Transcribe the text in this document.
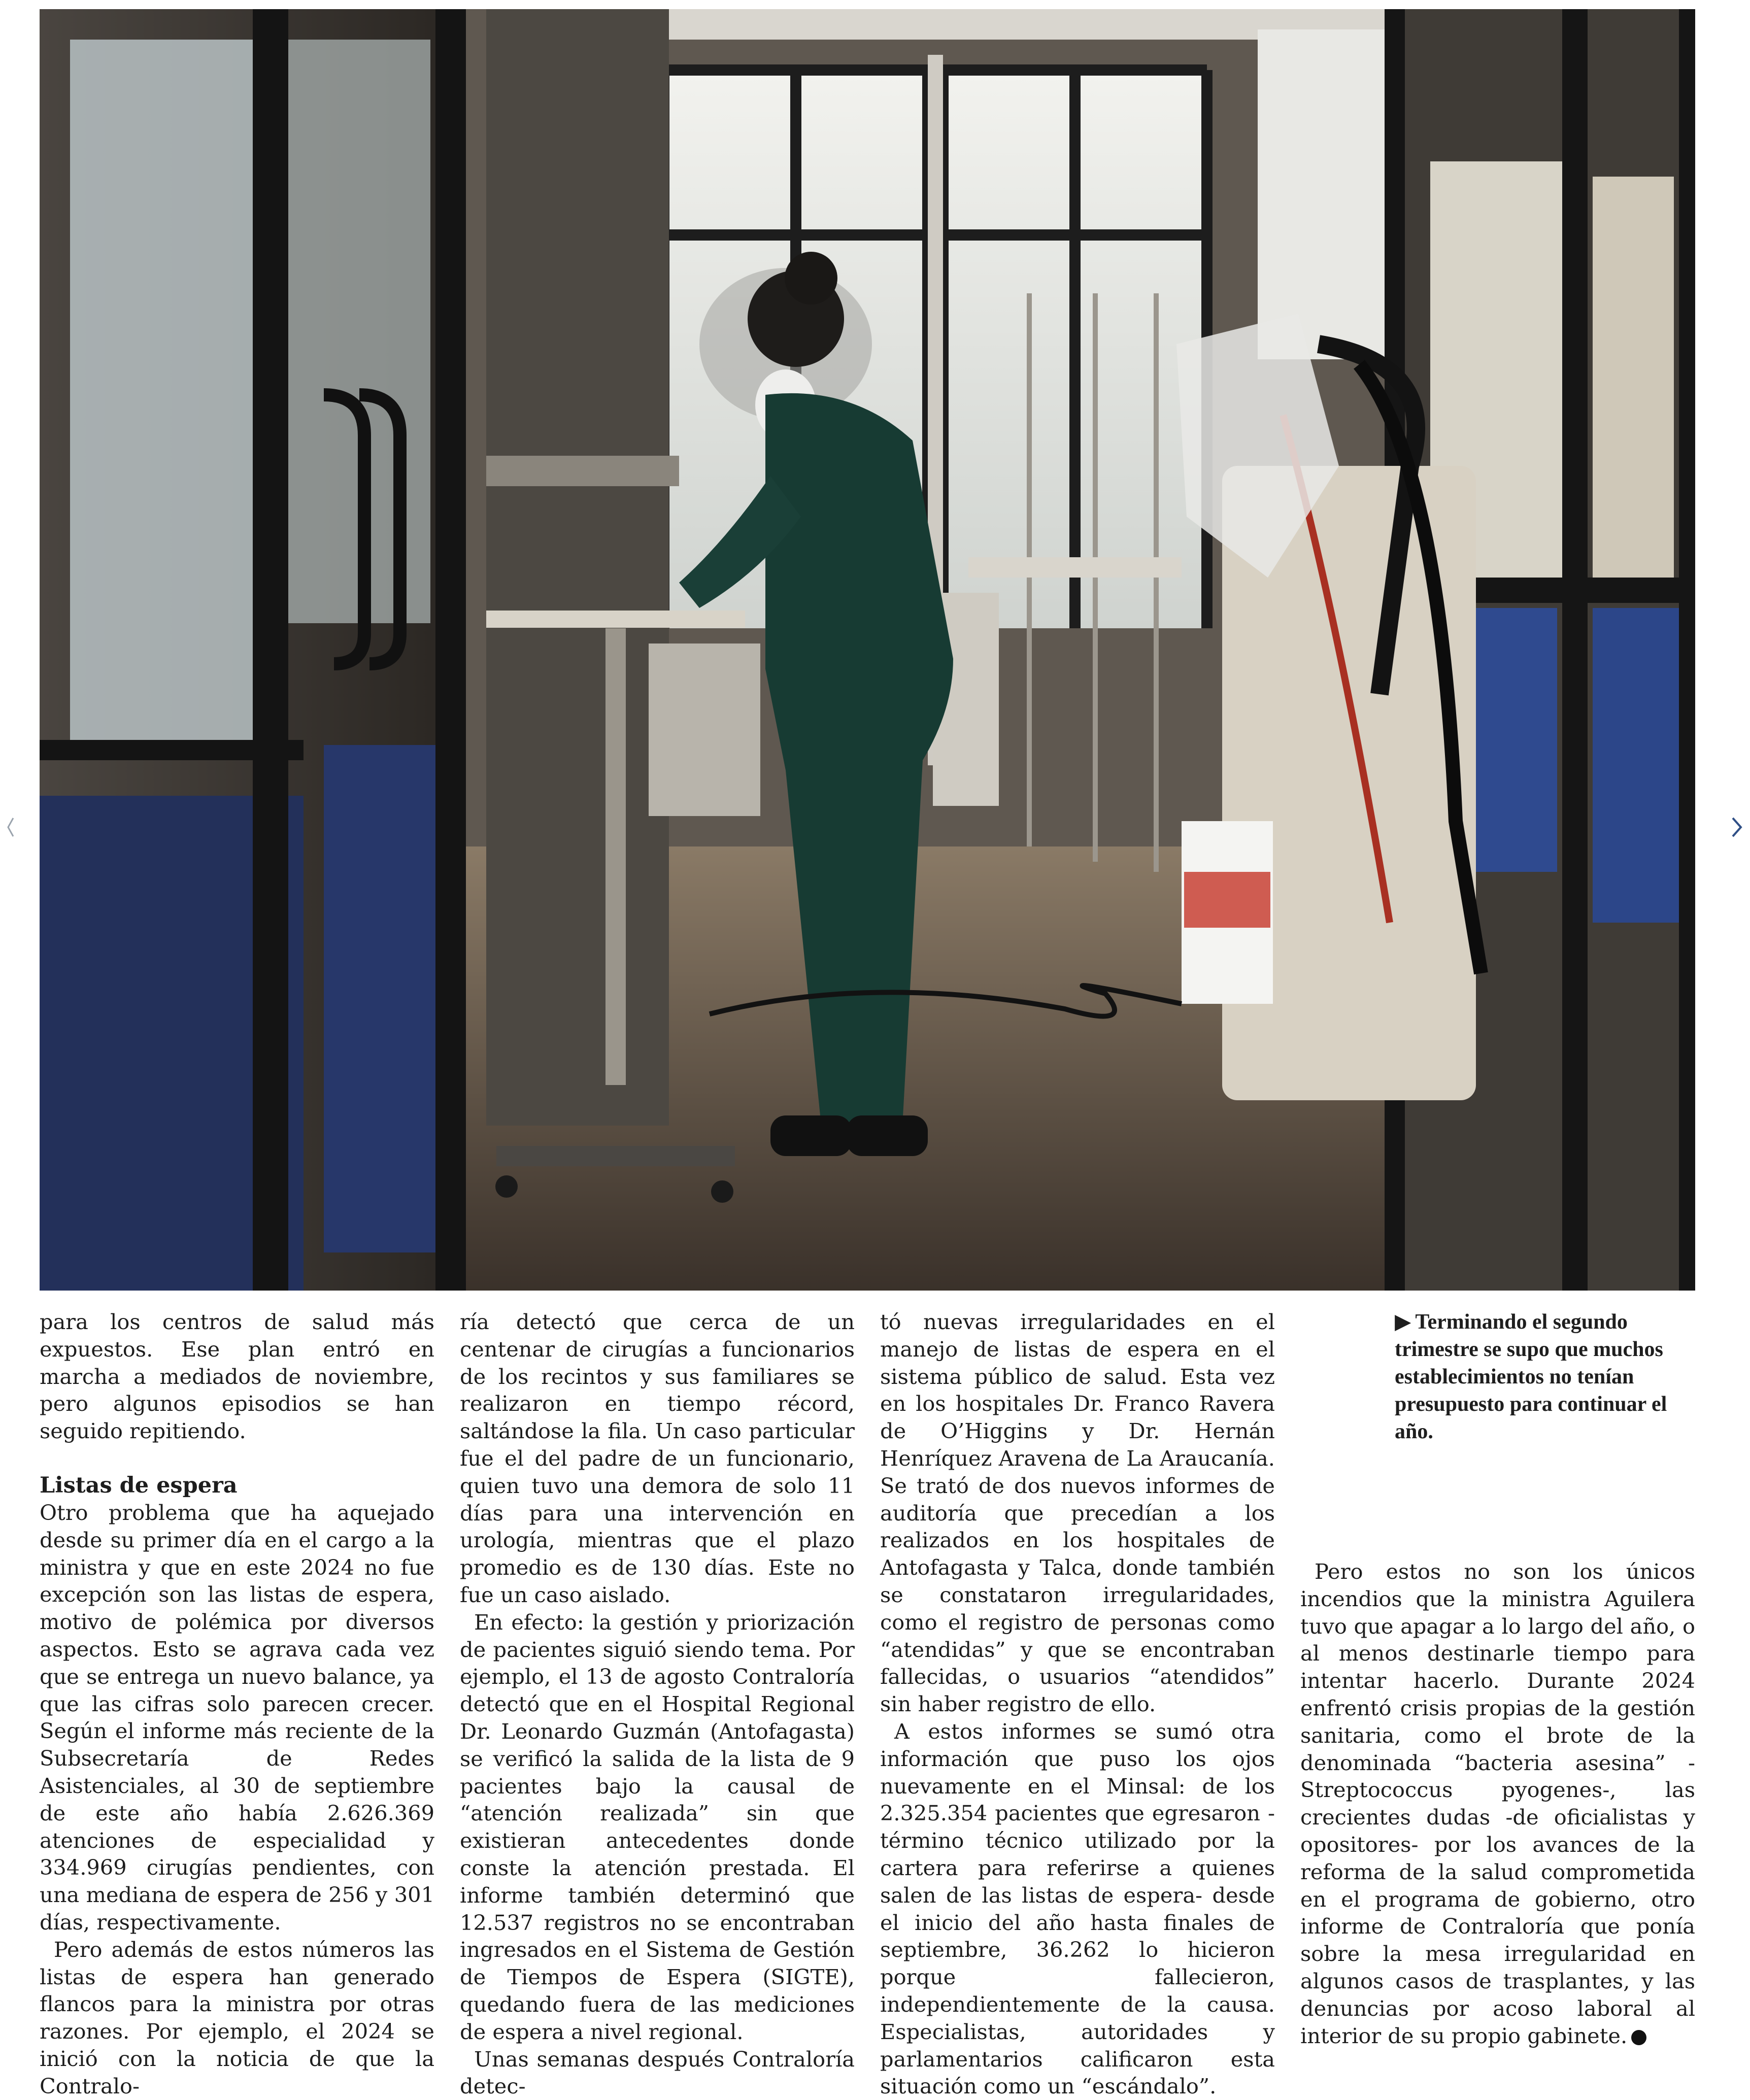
para los centros de salud más expuestos. Ese plan entró en marcha a mediados de noviembre, pero algunos episodios se han seguido repitiendo.

Listas de espera

Otro problema que ha aquejado desde su primer día en el cargo a la ministra y que en este 2024 no fue excepción son las listas de espera, motivo de polémica por diversos aspectos. Esto se agrava cada vez que se entrega un nuevo balance, ya que las cifras solo parecen crecer. Según el informe más reciente de la Subsecretaría de Redes Asistenciales, al 30 de septiembre de este año había 2.626.369 atenciones de especialidad y 334.969 cirugías pendientes, con una mediana de espera de 256 y 301 días, respectivamente.

Pero además de estos números las listas de espera han generado flancos para la ministra por otras razones. Por ejemplo, el 2024 se inició con la noticia de que la Contralo-

ría detectó que cerca de un centenar de cirugías a funcionarios de los recintos y sus familiares se realizaron en tiempo récord, saltándose la fila. Un caso particular fue el del padre de un funcionario, quien tuvo una demora de solo 11 días para una intervención en urología, mientras que el plazo promedio es de 130 días. Este no fue un caso aislado.

En efecto: la gestión y priorización de pacientes siguió siendo tema. Por ejemplo, el 13 de agosto Contraloría detectó que en el Hospital Regional Dr. Leonardo Guzmán (Antofagasta) se verificó la salida de la lista de 9 pacientes bajo la causal de “atención realizada” sin que existieran antecedentes donde conste la atención prestada. El informe también determinó que 12.537 registros no se encontraban ingresados en el Sistema de Gestión de Tiempos de Espera (SIGTE), quedando fuera de las mediciones de espera a nivel regional.

Unas semanas después Contraloría detec-

tó nuevas irregularidades en el manejo de listas de espera en el sistema público de salud. Esta vez en los hospitales Dr. Franco Ravera de O’Higgins y Dr. Hernán Henríquez Aravena de La Araucanía. Se trató de dos nuevos informes de auditoría que precedían a los realizados en los hospitales de Antofagasta y Talca, donde también se constataron irregularidades, como el registro de personas como “atendidas” y que se encontraban fallecidas, o usuarios “atendidos” sin haber registro de ello.

A estos informes se sumó otra información que puso los ojos nuevamente en el Minsal: de los 2.325.354 pacientes que egresaron -término técnico utilizado por la cartera para referirse a quienes salen de las listas de espera- desde el inicio del año hasta finales de septiembre, 36.262 lo hicieron porque fallecieron, independientemente de la causa. Especialistas, autoridades y parlamentarios calificaron esta situación como un “escándalo”.

▶ Terminando el segundo trimestre se supo que muchos establecimientos no tenían presupuesto para continuar el año.

Pero estos no son los únicos incendios que la ministra Aguilera tuvo que apagar a lo largo del año, o al menos destinarle tiempo para intentar hacerlo. Durante 2024 enfrentó crisis propias de la gestión sanitaria, como el brote de la denominada “bacteria asesina” -Streptococcus pyogenes-, las crecientes dudas -de oficialistas y opositores- por los avances de la reforma de la salud comprometida en el programa de gobierno, otro informe de Contraloría que ponía sobre la mesa irregularidad en algunos casos de trasplantes, y las denuncias por acoso laboral al interior de su propio gabinete.
